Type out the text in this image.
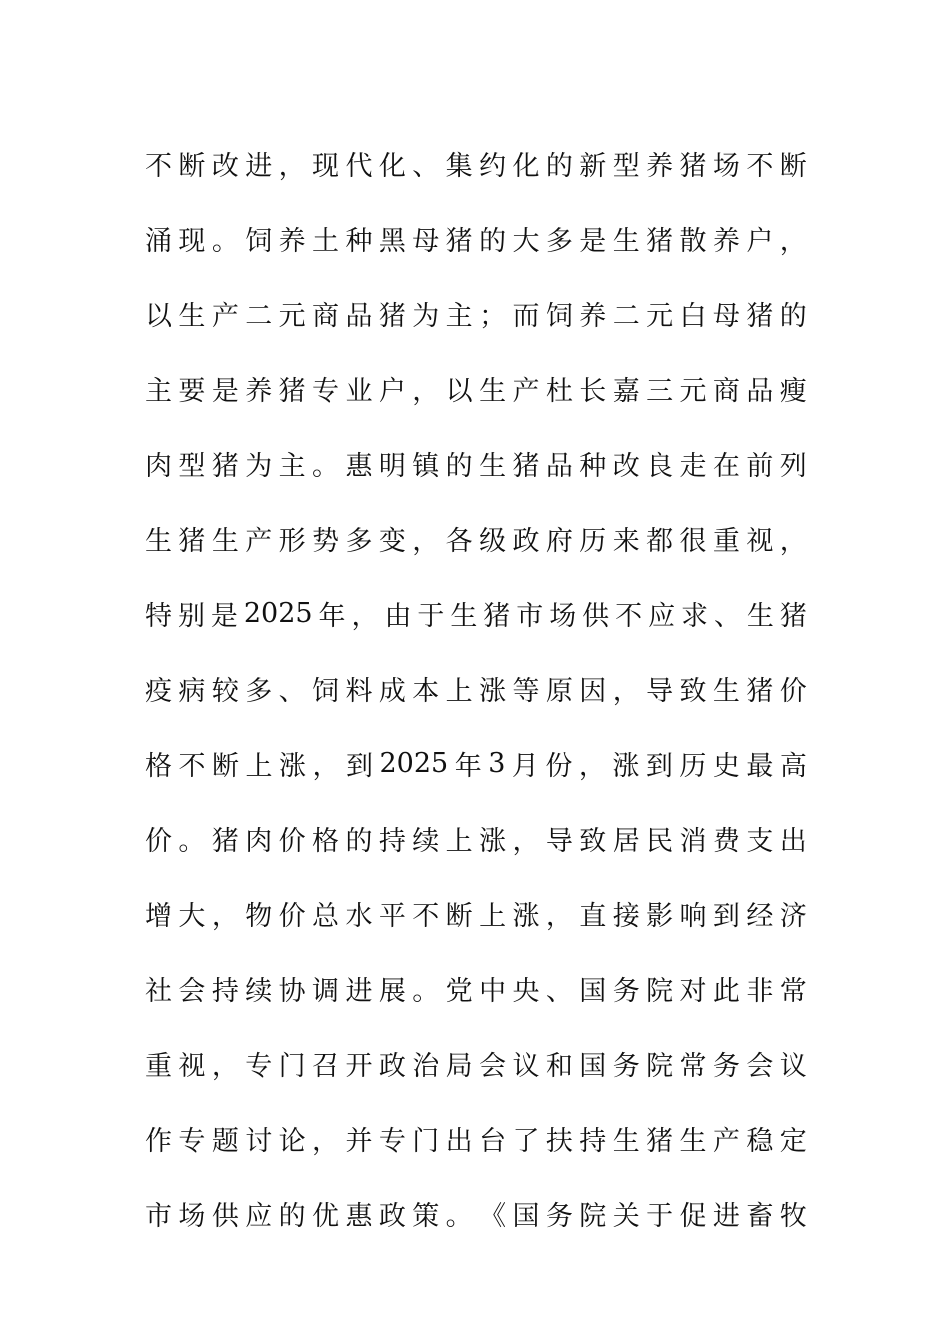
不 断 改 进 ， 现 代 化 、 集 约 化 的 新 型 养 猪 场 不 断
涌 现 。 饲 养 土 种 黑 母 猪 的 大 多 是 生 猪 散 养 户 ，
以 生 产 二 元 商 品 猪 为 主 ； 而 饲 养 二 元 白 母 猪 的
主 要 是 养 猪 专 业 户 ， 以 生 产 杜 长 嘉 三 元 商 品 瘦
肉 型 猪 为 主 。 惠 明 镇 的 生 猪 品 种 改 良 走 在 前 列
生 猪 生 产 形 势 多 变 ， 各 级 政 府 历 来 都 很 重 视 ，
特 别 是 2025 年 ， 由 于 生 猪 市 场 供 不 应 求 、 生 猪
疫 病 较 多 、 饲 料 成 本 上 涨 等 原 因 ， 导 致 生 猪 价
格 不 断 上 涨 ， 到 2025 年 3 月 份 ， 涨 到 历 史 最 高
价 。 猪 肉 价 格 的 持 续 上 涨 ， 导 致 居 民 消 费 支 出
增 大 ， 物 价 总 水 平 不 断 上 涨 ， 直 接 影 响 到 经 济
社 会 持 续 协 调 进 展 。 党 中 央 、 国 务 院 对 此 非 常
重 视 ， 专 门 召 开 政 治 局 会 议 和 国 务 院 常 务 会 议
作 专 题 讨 论 ， 并 专 门 出 台 了 扶 持 生 猪 生 产 稳 定
市 场 供 应 的 优 惠 政 策 。 《 国 务 院 关 于 促 进 畜 牧
